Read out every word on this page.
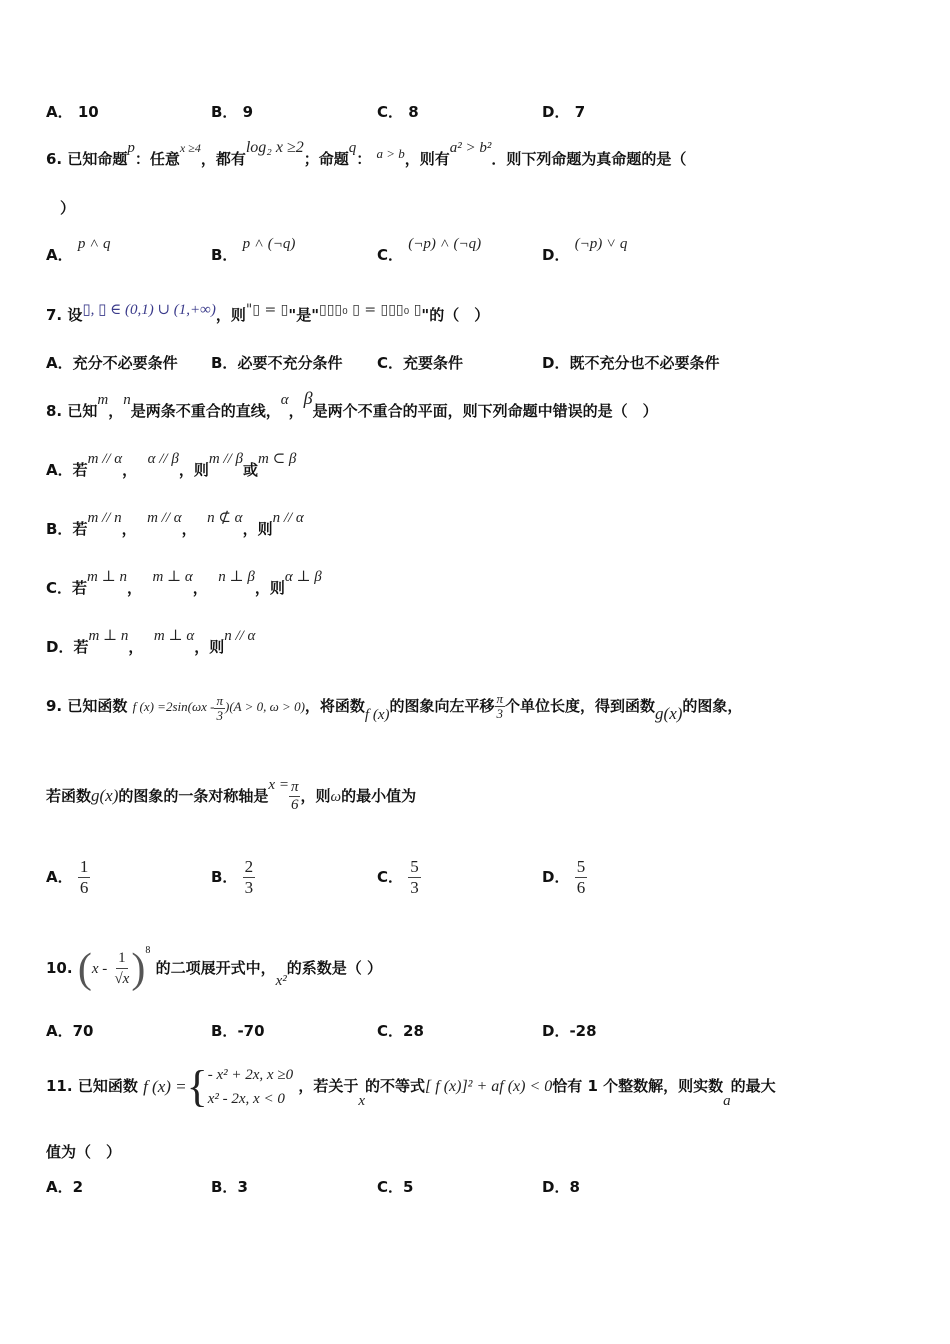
A． 10	B． 9	C． 8	D． 7
6. 已知命题p：任意x ≥4，都有log₂ x ≥2；命题q： a > b，则有a² > b²．则下列命题为真命题的是（
）
A． p ˄ q
B． p ˄ (¬q)
C． (¬p) ˄ (¬q)
D． (¬p) ˅ q
7. 设▯, ▯ ∈ (0,1) ∪ (1,+∞)，则"▯ = ▯"是"▯▯▯₀ ▯ = ▯▯▯₀ ▯"的（　）
A．充分不必要条件 B．必要不充分条件 C．充要条件	D．既不充分也不必要条件
8. 已知m，n是两条不重合的直线，α，β是两个不重合的平面，则下列命题中错误的是（　）
A．若m // α，  α // β，则m // β或m ⊂ β
B．若m // n，  m // α，  n ⊄ α，则n // α
C．若m ⊥ n，  m ⊥ α，  n ⊥ β，则α ⊥ β
D．若m ⊥ n，  m ⊥ α，则n // α
9. 已知函数 f $(x) =2\sin(\omega x - \frac{\pi}{3} )(A > 0$, ω > 0)，将函数f (x)的图象向左平移 $\frac{\pi}{3}$ 个单位长度，得到函数g(x)的图象，
若函数g(x)的图象的一条对称轴是$x = \frac{\pi}{6}$ ，则ω的最小值为
A． $\frac{1}{6}$	B． $\frac{2}{3}$	C． $\frac{5}{3}$	D． $\frac{5}{6}$
10. ( x -
$\frac{1}{√x}$ ) 8
的二项展开式中，x²的系数是（ ）
A．70	B．-70	C．28	D．-28
11. 已知函数 f (x) = { - x² + 2x, x ≥0
x² - 2x, x < 0
，若关于x的不等式[ f (x)]² + af (x) < 0恰有 1 个整数解，则实数a的最大
值为（　）
A．2	B．3	C．5	D．8
